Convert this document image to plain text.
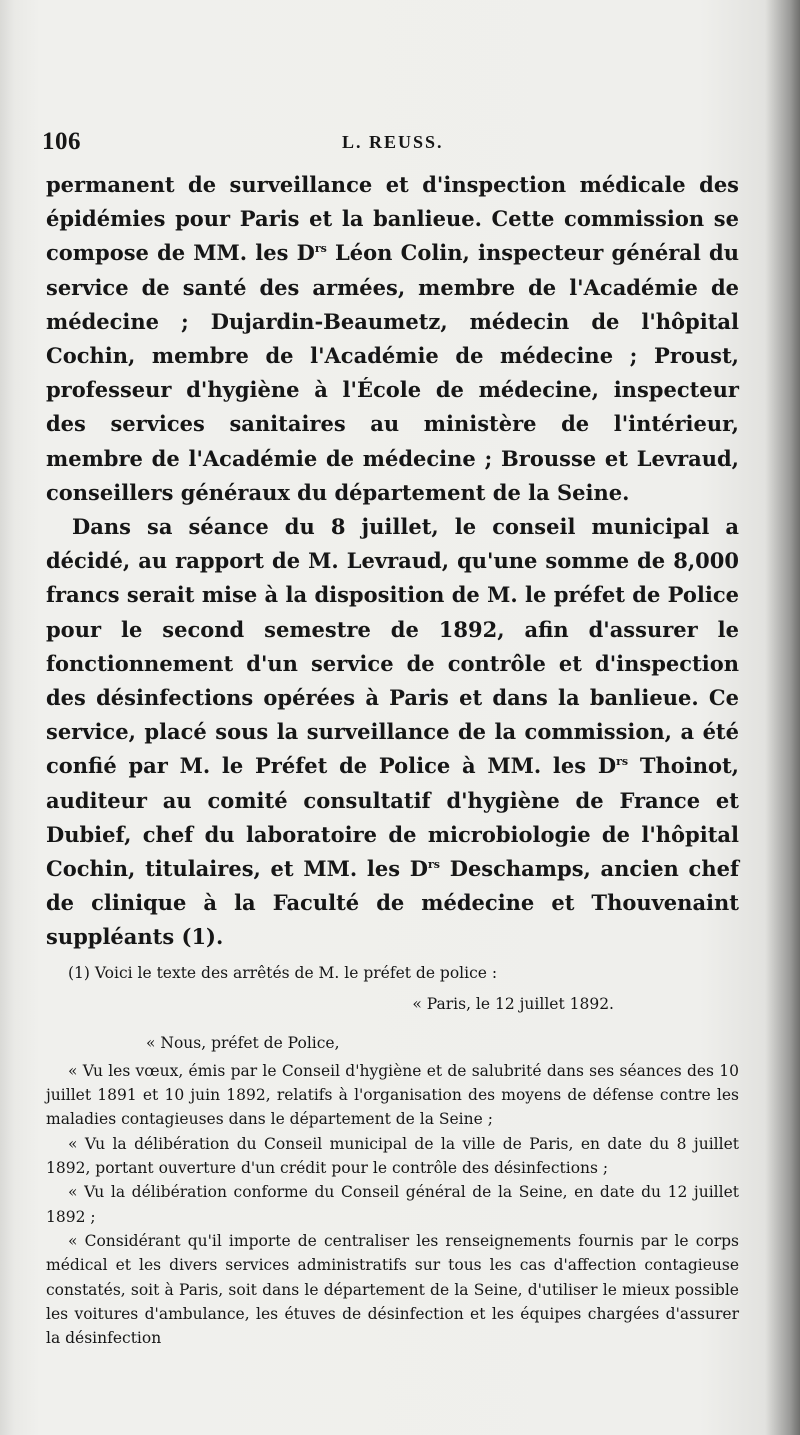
106	L. REUSS.

permanent de surveillance et d'inspection médicale des épidémies pour Paris et la banlieue. Cette commission se compose de MM. les $D^{rs}$ Léon Colin, inspecteur général du service de santé des armées, membre de l'Académie de médecine ; Dujardin-Beaumetz, médecin de l'hôpital Cochin, membre de l'Académie de médecine ; Proust, professeur d'hygiène à l'École de médecine, inspecteur des services sanitaires au ministère de l'intérieur, membre de l'Académie de médecine ; Brousse et Levraud, conseillers généraux du département de la Seine.

Dans sa séance du 8 juillet, le conseil municipal a décidé, au rapport de M. Levraud, qu'une somme de 8,000 francs serait mise à la disposition de M. le préfet de Police pour le second semestre de 1892, afin d'assurer le fonctionnement d'un service de contrôle et d'inspection des désinfections opérées à Paris et dans la banlieue. Ce service, placé sous la surveillance de la commission, a été confié par M. le Préfet de Police à MM. les $D^{rs}$ Thoinot, auditeur au comité consultatif d'hygiène de France et Dubief, chef du laboratoire de microbiologie de l'hôpital Cochin, titulaires, et MM. les $D^{rs}$ Deschamps, ancien chef de clinique à la Faculté de médecine et Thouvenaint suppléants (1).

(1) Voici le texte des arrêtés de M. le préfet de police :

« Paris, le 12 juillet 1892.

« Nous, préfet de Police,

« Vu les vœux, émis par le Conseil d'hygiène et de salubrité dans ses séances des 10 juillet 1891 et 10 juin 1892, relatifs à l'organisation des moyens de défense contre les maladies contagieuses dans le département de la Seine ;

« Vu la délibération du Conseil municipal de la ville de Paris, en date du 8 juillet 1892, portant ouverture d'un crédit pour le contrôle des désinfections ;

« Vu la délibération conforme du Conseil général de la Seine, en date du 12 juillet 1892 ;

« Considérant qu'il importe de centraliser les renseignements fournis par le corps médical et les divers services administratifs sur tous les cas d'affection contagieuse constatés, soit à Paris, soit dans le département de la Seine, d'utiliser le mieux possible les voitures d'ambulance, les étuves de désinfection et les équipes chargées d'assurer la désinfection
